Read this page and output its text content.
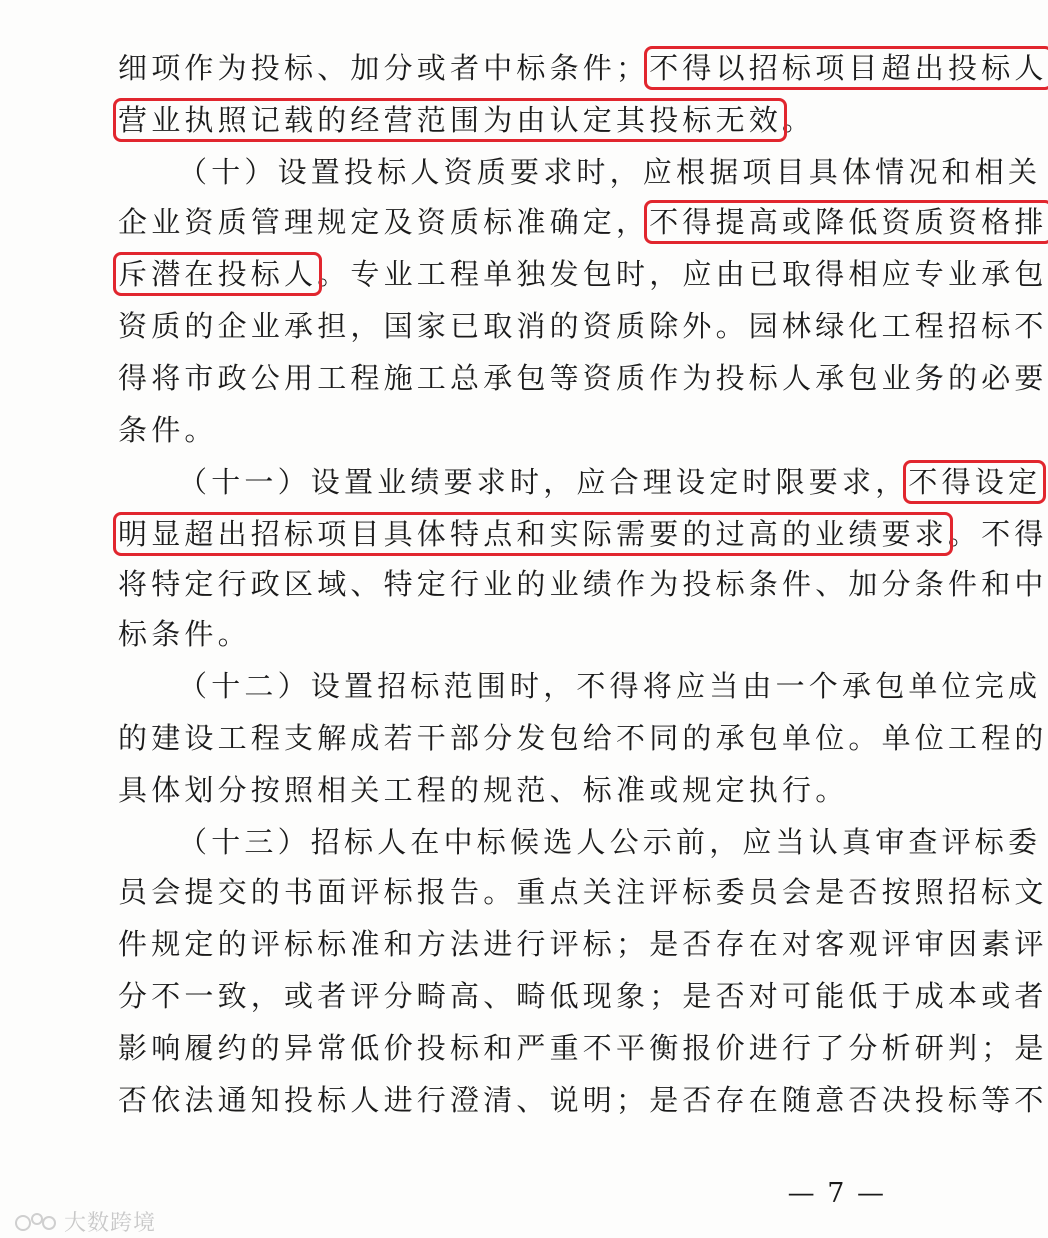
细项作为投标、加分或者中标条件；不得以招标项目超出投标人
营业执照记载的经营范围为由认定其投标无效。
（十）设置投标人资质要求时，应根据项目具体情况和相关
企业资质管理规定及资质标准确定，不得提高或降低资质资格排
斥潜在投标人。专业工程单独发包时，应由已取得相应专业承包
资质的企业承担，国家已取消的资质除外。园林绿化工程招标不
得将市政公用工程施工总承包等资质作为投标人承包业务的必要
条件。
（十一）设置业绩要求时，应合理设定时限要求，不得设定
明显超出招标项目具体特点和实际需要的过高的业绩要求。不得
将特定行政区域、特定行业的业绩作为投标条件、加分条件和中
标条件。
（十二）设置招标范围时，不得将应当由一个承包单位完成
的建设工程支解成若干部分发包给不同的承包单位。单位工程的
具体划分按照相关工程的规范、标准或规定执行。
（十三）招标人在中标候选人公示前，应当认真审查评标委
员会提交的书面评标报告。重点关注评标委员会是否按照招标文
件规定的评标标准和方法进行评标；是否存在对客观评审因素评
分不一致，或者评分畸高、畸低现象；是否对可能低于成本或者
影响履约的异常低价投标和严重不平衡报价进行了分析研判；是
否依法通知投标人进行澄清、说明；是否存在随意否决投标等不
— 7 —
大数跨境
